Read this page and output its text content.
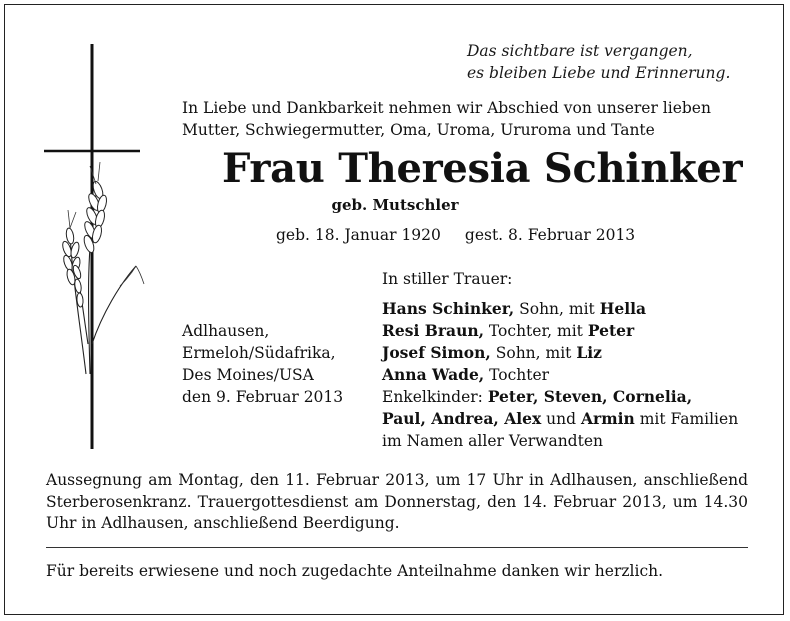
Das sichtbare ist vergangen,
es bleiben Liebe und Erinnerung.
In Liebe und Dankbarkeit nehmen wir Abschied von unserer lieben
Mutter, Schwiegermutter, Oma, Uroma, Ururoma und Tante
Frau Theresia Schinker
geb. Mutschler
geb. 18. Januar 1920 gest. 8. Februar 2013
Adlhausen,
Ermeloh/Südafrika,
Des Moines/USA
den 9. Februar 2013
In stiller Trauer:
Hans Schinker, Sohn, mit Hella
Resi Braun, Tochter, mit Peter
Josef Simon, Sohn, mit Liz
Anna Wade, Tochter
Enkelkinder: Peter, Steven, Cornelia,
Paul, Andrea, Alex und Armin mit Familien
im Namen aller Verwandten
Aussegnung am Montag, den 11. Februar 2013, um 17 Uhr in Adlhausen, anschließend Sterberosenkranz. Trauergottesdienst am Donnerstag, den 14. Februar 2013, um 14.30 Uhr in Adlhausen, anschließend Beerdigung.
Für bereits erwiesene und noch zugedachte Anteilnahme danken wir herzlich.
